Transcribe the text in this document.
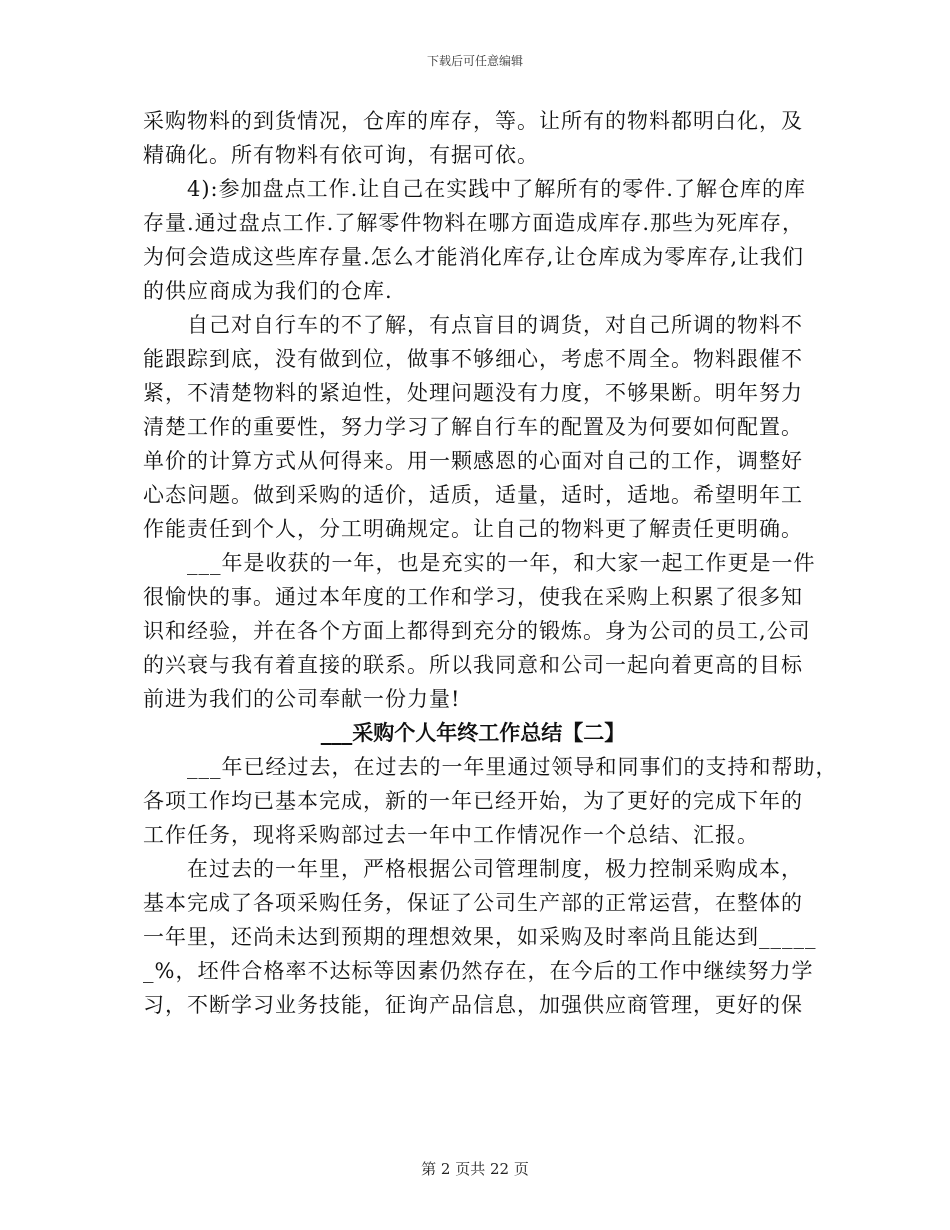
下载后可任意编辑
采购物料的到货情况，仓库的库存，等。让所有的物料都明白化，及
精确化。所有物料有依可询，有据可依。
4):参加盘点工作.让自己在实践中了解所有的零件.了解仓库的库
存量.通过盘点工作.了解零件物料在哪方面造成库存.那些为死库存，
为何会造成这些库存量.怎么才能消化库存,让仓库成为零库存,让我们
的供应商成为我们的仓库.
自己对自行车的不了解，有点盲目的调货，对自己所调的物料不
能跟踪到底，没有做到位，做事不够细心，考虑不周全。物料跟催不
紧，不清楚物料的紧迫性，处理问题没有力度，不够果断。明年努力
清楚工作的重要性，努力学习了解自行车的配置及为何要如何配置。
单价的计算方式从何得来。用一颗感恩的心面对自己的工作，调整好
心态问题。做到采购的适价，适质，适量，适时，适地。希望明年工
作能责任到个人，分工明确规定。让自己的物料更了解责任更明确。
___年是收获的一年，也是充实的一年，和大家一起工作更是一件
很愉快的事。通过本年度的工作和学习，使我在采购上积累了很多知
识和经验，并在各个方面上都得到充分的锻炼。身为公司的员工,公司
的兴衰与我有着直接的联系。所以我同意和公司一起向着更高的目标
前进为我们的公司奉献一份力量!
___采购个人年终工作总结【二】
___年已经过去，在过去的一年里通过领导和同事们的支持和帮助，
各项工作均已基本完成，新的一年已经开始，为了更好的完成下年的
工作任务，现将采购部过去一年中工作情况作一个总结、汇报。
在过去的一年里，严格根据公司管理制度，极力控制采购成本，
基本完成了各项采购任务，保证了公司生产部的正常运营，在整体的
一年里，还尚未达到预期的理想效果，如采购及时率尚且能达到_____
_%，坯件合格率不达标等因素仍然存在，在今后的工作中继续努力学
习，不断学习业务技能，征询产品信息，加强供应商管理，更好的保
第 2 页共 22 页
